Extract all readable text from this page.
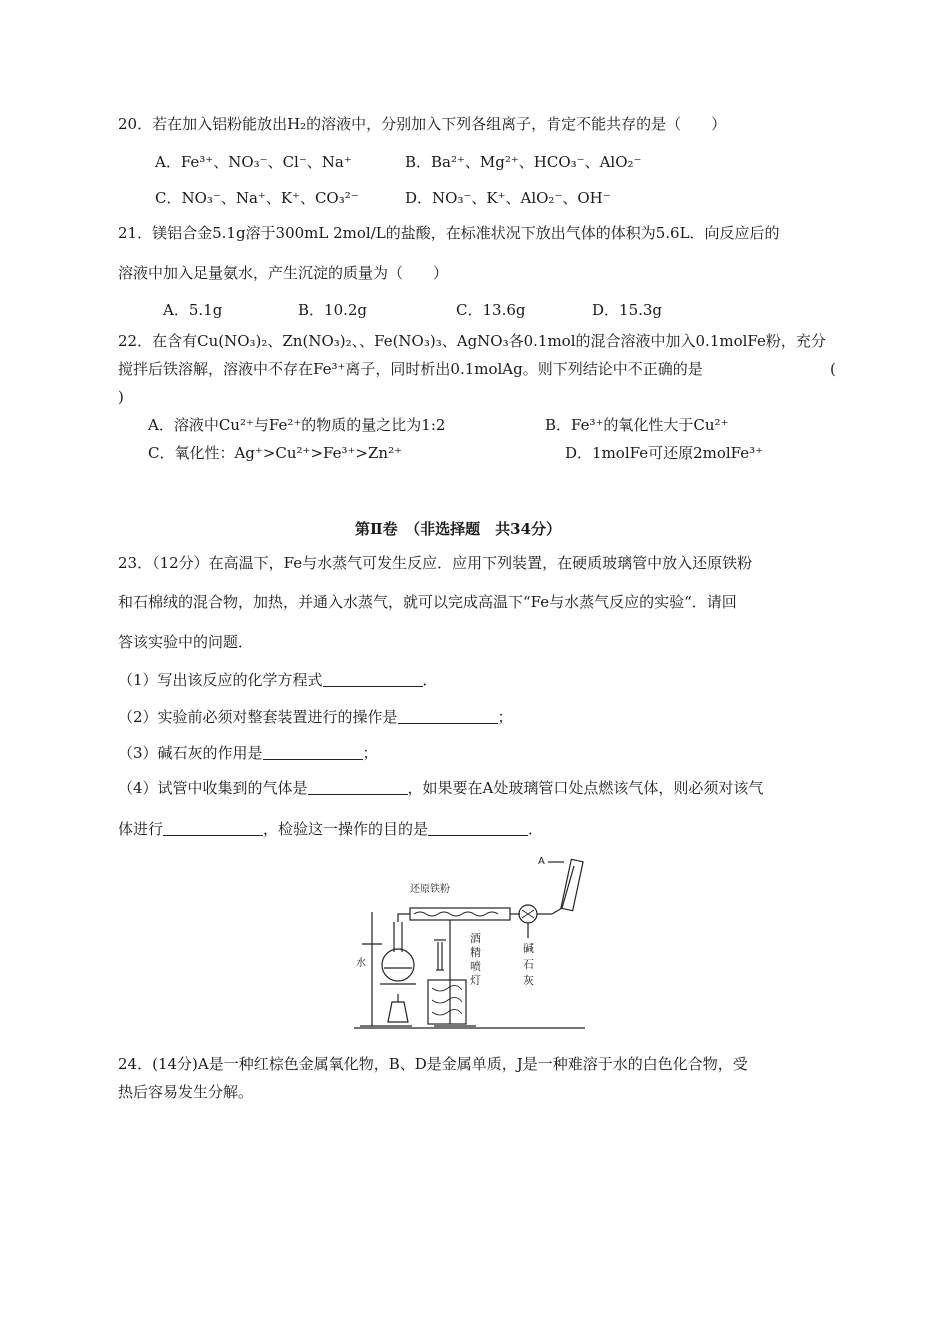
20．若在加入铝粉能放出H₂的溶液中，分别加入下列各组离子，肯定不能共存的是（　　）
A．Fe³⁺、NO₃⁻、Cl⁻、Na⁺	B．Ba²⁺、Mg²⁺、HCO₃⁻、AlO₂⁻
C．NO₃⁻、Na⁺、K⁺、CO₃²⁻	D．NO₃⁻、K⁺、AlO₂⁻、OH⁻
21．镁铝合金5.1g溶于300mL 2mol/L的盐酸，在标准状况下放出气体的体积为5.6L．向反应后的
溶液中加入足量氨水，产生沉淀的质量为（　　）
A．5.1g	B．10.2g	C．13.6g	D．15.3g
22．在含有Cu(NO₃)₂、Zn(NO₃)₂、、Fe(NO₃)₃、AgNO₃各0.1mol的混合溶液中加入0.1molFe粉，充分
搅拌后铁溶解，溶液中不存在Fe³⁺离子，同时析出0.1molAg。则下列结论中不正确的是	(
)
A．溶液中Cu²⁺与Fe²⁺的物质的量之比为1:2	B．Fe³⁺的氧化性大于Cu²⁺
C．氧化性：Ag⁺>Cu²⁺>Fe³⁺>Zn²⁺	D．1molFe可还原2molFe³⁺
第Ⅱ卷　（非选择题　共34分）
23．（12分）在高温下，Fe与水蒸气可发生反应．应用下列装置，在硬质玻璃管中放入还原铁粉
和石棉绒的混合物，加热，并通入水蒸气，就可以完成高温下“Fe与水蒸气反应的实验“．请回
答该实验中的问题．
（1）写出该反应的化学方程式	．
（2）实验前必须对整套装置进行的操作是	；
（3）碱石灰的作用是	；
（4）试管中收集到的气体是	，如果要在A处玻璃管口处点燃该气体，则必须对该气
体进行	，检验这一操作的目的是	．
还原铁粉
水
A
酒精喷灯
碱石灰
24．(14分)A是一种红棕色金属氧化物，B、D是金属单质，J是一种难溶于水的白色化合物，受
热后容易发生分解。
